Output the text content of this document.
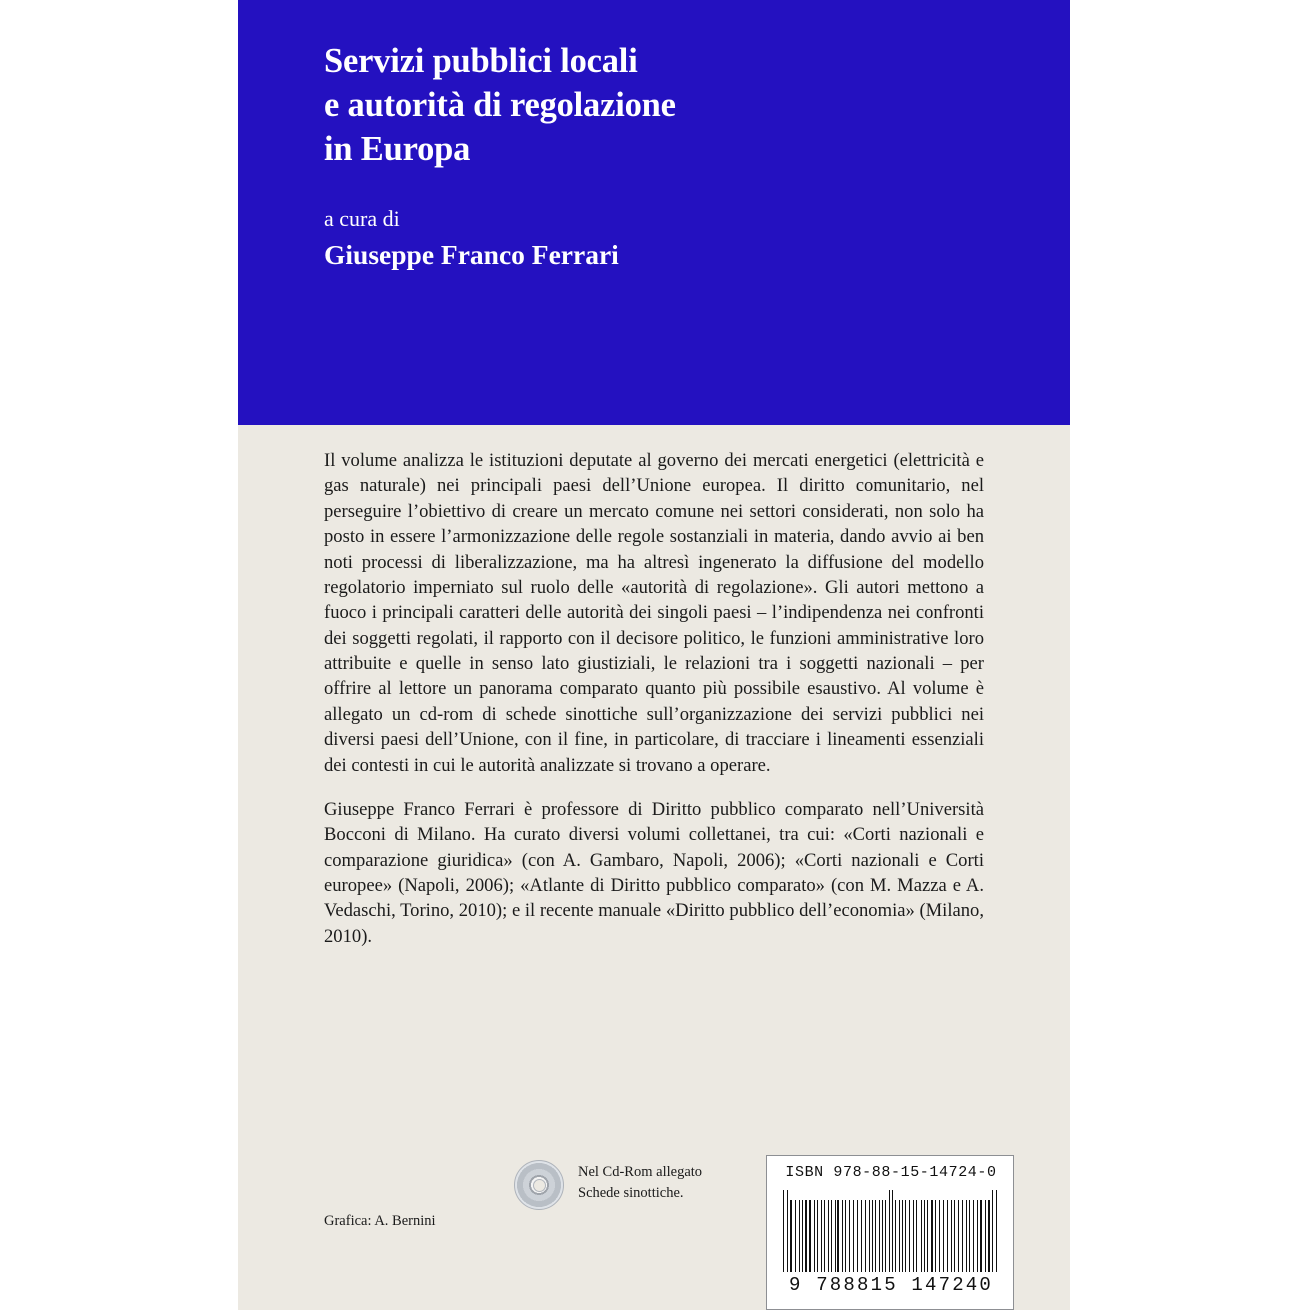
Servizi pubblici locali
e autorità di regolazione
in Europa
a cura di
Giuseppe Franco Ferrari

Il volume analizza le istituzioni deputate al governo dei mercati energetici (elettricità e gas naturale) nei principali paesi dell’Unione europea. Il diritto comunitario, nel perseguire l’obiettivo di creare un mercato comune nei settori considerati, non solo ha posto in essere l’armonizzazione delle regole sostanziali in materia, dando avvio ai ben noti processi di liberalizzazione, ma ha altresì ingenerato la diffusione del modello regolatorio imperniato sul ruolo delle «autorità di regolazione». Gli autori mettono a fuoco i principali caratteri delle autorità dei singoli paesi – l’indipendenza nei confronti dei soggetti regolati, il rapporto con il decisore politico, le funzioni amministrative loro attribuite e quelle in senso lato giustiziali, le relazioni tra i soggetti nazionali – per offrire al lettore un panorama comparato quanto più possibile esaustivo. Al volume è allegato un cd-rom di schede sinottiche sull’organizzazione dei servizi pubblici nei diversi paesi dell’Unione, con il fine, in particolare, di tracciare i lineamenti essenziali dei contesti in cui le autorità analizzate si trovano a operare.

Giuseppe Franco Ferrari è professore di Diritto pubblico comparato nell’Università Bocconi di Milano. Ha curato diversi volumi collettanei, tra cui: «Corti nazionali e comparazione giuridica» (con A. Gambaro, Napoli, 2006); «Corti nazionali e Corti europee» (Napoli, 2006); «Atlante di Diritto pubblico comparato» (con M. Mazza e A. Vedaschi, Torino, 2010); e il recente manuale «Diritto pubblico dell’economia» (Milano, 2010).

Nel Cd-Rom allegato
Schede sinottiche.
Grafica: A. Bernini
ISBN 978-88-15-14724-0
9 788815 147240
